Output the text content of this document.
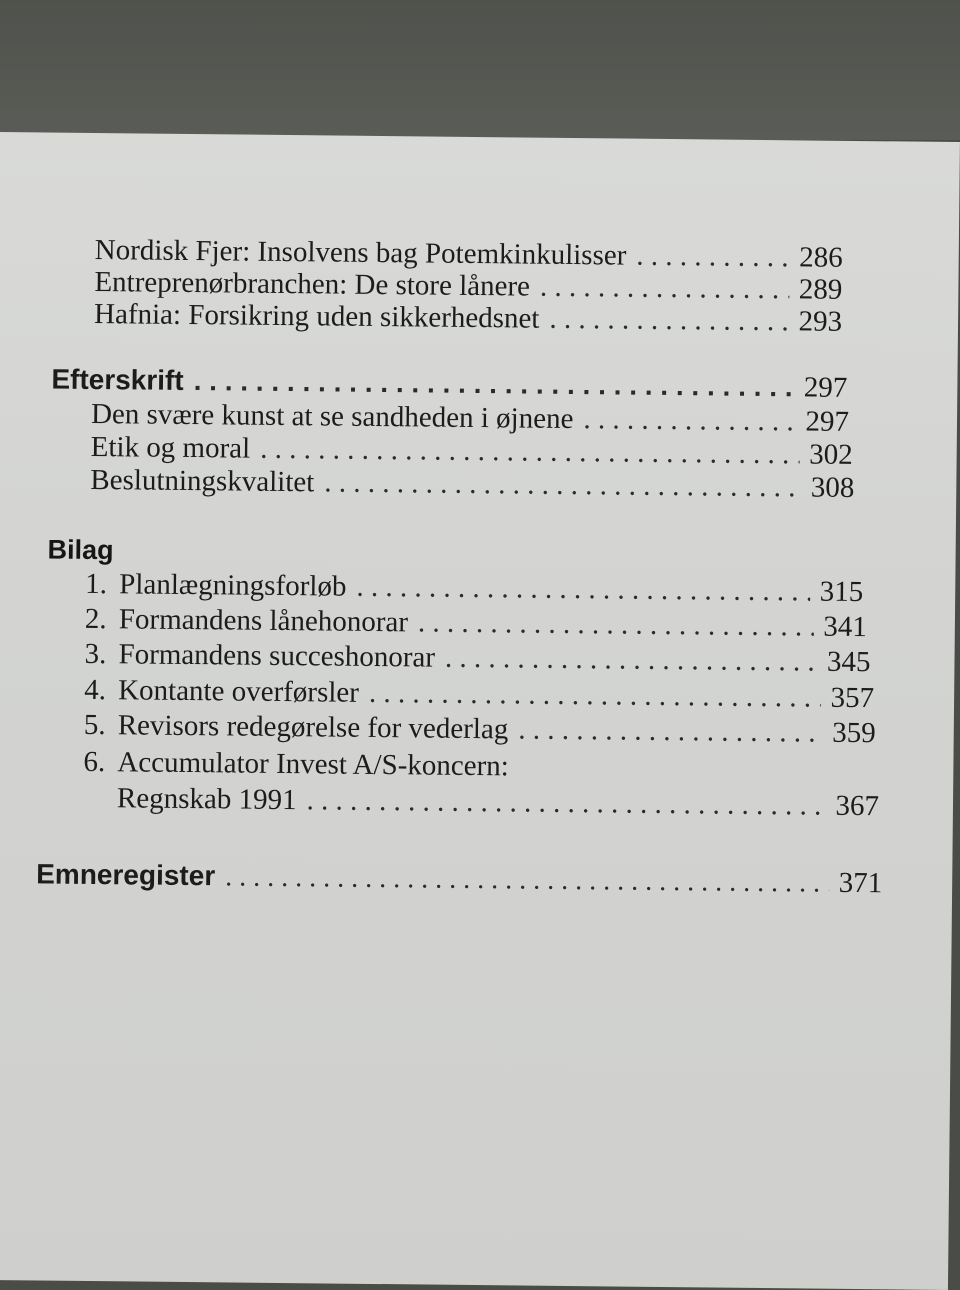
Nordisk Fjer: Insolvens bag Potemkinkulisser . . .	286
Entreprenørbranchen: De store lånere . . .	289
Hafnia: Forsikring uden sikkerhedsnet . . .	293
Efterskrift . . .	297
Den svære kunst at se sandheden i øjnene . . .	297
Etik og moral . . .	302
Beslutningskvalitet . . .	308
Bilag
1. Planlægningsforløb . . .	315
2. Formandens lånehonorar . . .	341
3. Formandens succeshonorar . . .	345
4. Kontante overførsler . . .	357
5. Revisors redegørelse for vederlag . . .	359
6. Accumulator Invest A/S-koncern:
Regnskab 1991 . . .	367
Emneregister . . .	371
